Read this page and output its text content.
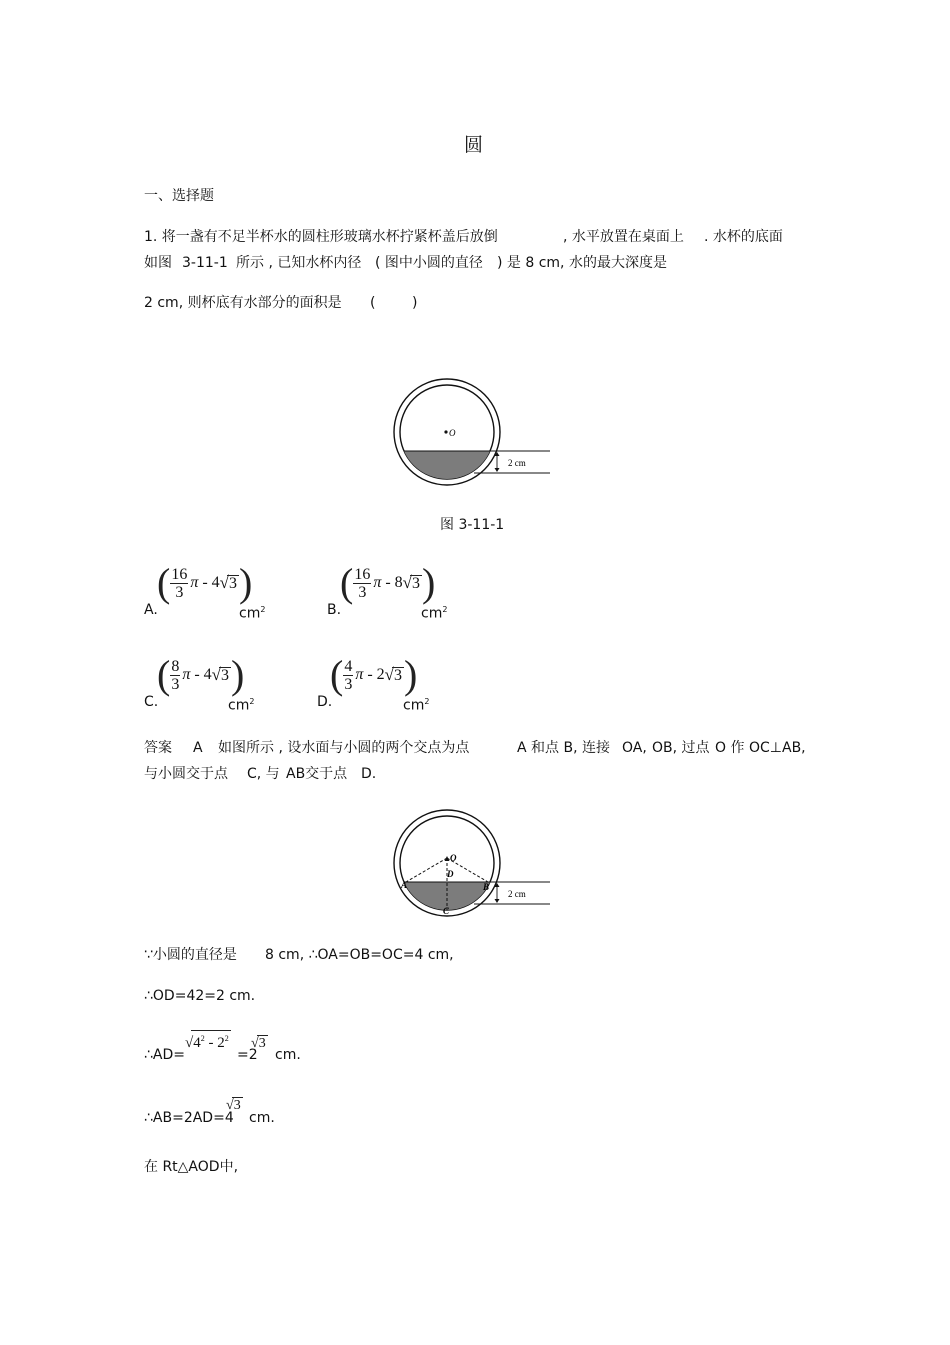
圆
一、选择题
1. 将一盏有不足半杯水的圆柱形玻璃水杯拧紧杯盖后放倒	, 水平放置在桌面上 . 水杯的底面
如图 3-11-1 所示 , 已知水杯内径 ( 图中小圆的直径 ) 是 8 cm, 水的最大深度是
2 cm, 则杯底有水部分的面积是 (	)
O
2 cm
图 3-11-1
A.
( $\frac{16}{3}$ π - 4 √ 3 )
$cm^2$	B.
( $\frac{16}{3}$ π - 8 √ 3 )
$cm^2$
C.
( $\frac{8}{3}$ π - 4 √ 3 )
$cm^2$	D.
( $\frac{4}{3}$ π - 2 √ 3 )
$cm^2$
答案 A 如图所示 , 设水面与小圆的两个交点为点	A 和点 B, 连接 OA, OB, 过点 O 作 OC⊥AB,
与小圆交于点 C, 与 AB交于点 D.
O
D
A	B
C
2 cm
∵小圆的直径是 8 cm, ∴OA=OB=OC=4 cm,
∴OD=42=2 cm.
∴AD=
$√4^2 - 2^2$
=2
√3
cm.
∴AB=2AD=4
√3
cm.
在 Rt△AOD中,
